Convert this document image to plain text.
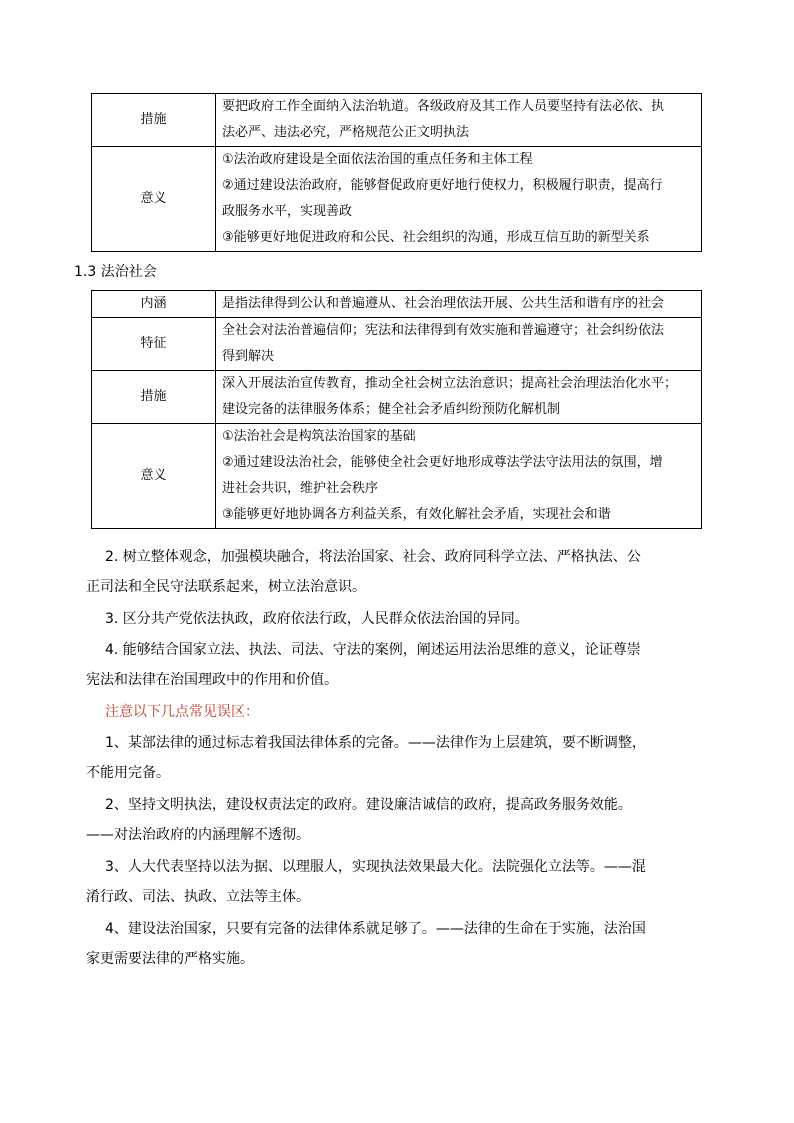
措施	要把政府工作全面纳入法治轨道。各级政府及其工作人员要坚持有法必依、执
法必严、违法必究，严格规范公正文明执法

意义	①法治政府建设是全面依法治国的重点任务和主体工程
②通过建设法治政府，能够督促政府更好地行使权力，积极履行职责，提高行
政服务水平，实现善政
③能够更好地促进政府和公民、社会组织的沟通，形成互信互助的新型关系
1.3 法治社会
内涵	是指法律得到公认和普遍遵从、社会治理依法开展、公共生活和谐有序的社会

特征	全社会对法治普遍信仰；宪法和法律得到有效实施和普遍遵守；社会纠纷依法
得到解决

措施	深入开展法治宣传教育，推动全社会树立法治意识；提高社会治理法治化水平；
建设完备的法律服务体系；健全社会矛盾纠纷预防化解机制

意义	①法治社会是构筑法治国家的基础
②通过建设法治社会，能够使全社会更好地形成尊法学法守法用法的氛围，增
进社会共识，维护社会秩序
③能够更好地协调各方利益关系，有效化解社会矛盾，实现社会和谐
2. 树立整体观念，加强模块融合，将法治国家、社会、政府同科学立法、严格执法、公
正司法和全民守法联系起来，树立法治意识。
3. 区分共产党依法执政，政府依法行政，人民群众依法治国的异同。
4. 能够结合国家立法、执法、司法、守法的案例，阐述运用法治思维的意义，论证尊崇
宪法和法律在治国理政中的作用和价值。
注意以下几点常见误区：
1、某部法律的通过标志着我国法律体系的完备。——法律作为上层建筑，要不断调整，
不能用完备。
2、坚持文明执法，建设权责法定的政府。建设廉洁诚信的政府，提高政务服务效能。
——对法治政府的内涵理解不透彻。
3、人大代表坚持以法为据、以理服人，实现执法效果最大化。法院强化立法等。——混
淆行政、司法、执政、立法等主体。
4、建设法治国家，只要有完备的法律体系就足够了。——法律的生命在于实施，法治国
家更需要法律的严格实施。
